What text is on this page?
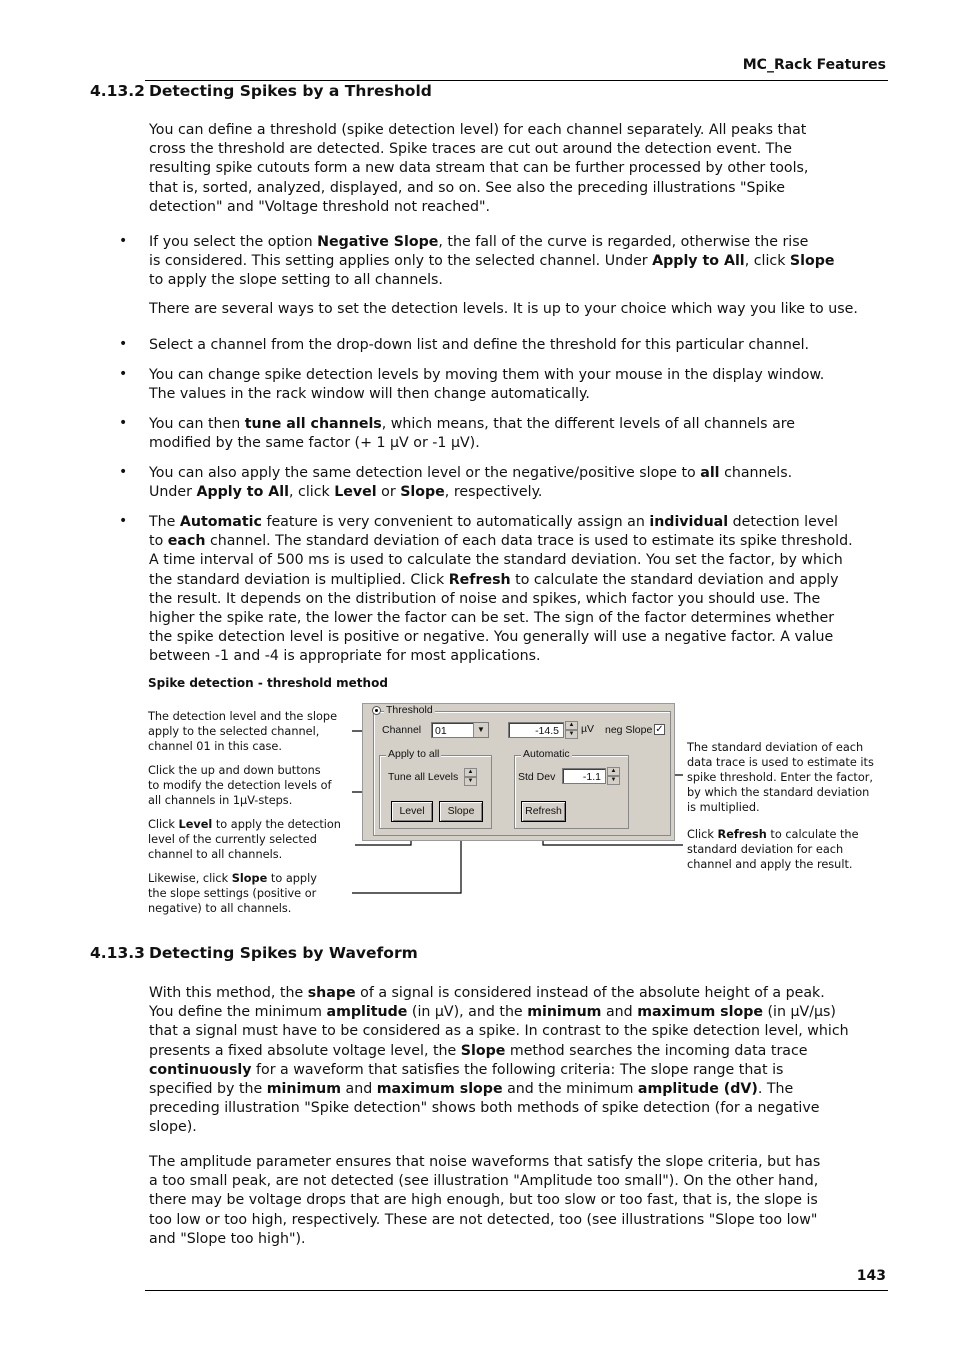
MC_Rack Features
4.13.2 Detecting Spikes by a Threshold
You can define a threshold (spike detection level) for each channel separately. All peaks that
cross the threshold are detected. Spike traces are cut out around the detection event. The
resulting spike cutouts form a new data stream that can be further processed by other tools,
that is, sorted, analyzed, displayed, and so on. See also the preceding illustrations "Spike
detection" and "Voltage threshold not reached".
• If you select the option Negative Slope, the fall of the curve is regarded, otherwise the rise
is considered. This setting applies only to the selected channel. Under Apply to All, click Slope
to apply the slope setting to all channels.
There are several ways to set the detection levels. It is up to your choice which way you like to use.
• Select a channel from the drop-down list and define the threshold for this particular channel.
• You can change spike detection levels by moving them with your mouse in the display window.
The values in the rack window will then change automatically.
• You can then tune all channels, which means, that the different levels of all channels are
modified by the same factor (+ 1 µV or -1 µV).
• You can also apply the same detection level or the negative/positive slope to all channels.
Under Apply to All, click Level or Slope, respectively.
• The Automatic feature is very convenient to automatically assign an individual detection level
to each channel. The standard deviation of each data trace is used to estimate its spike threshold.
A time interval of 500 ms is used to calculate the standard deviation. You set the factor, by which
the standard deviation is multiplied. Click Refresh to calculate the standard deviation and apply
the result. It depends on the distribution of noise and spikes, which factor you should use. The
higher the spike rate, the lower the factor can be set. The sign of the factor determines whether
the spike detection level is positive or negative. You generally will use a negative factor. A value
between -1 and -4 is appropriate for most applications.
Spike detection - threshold method
The detection level and the slope
apply to the selected channel,
channel 01 in this case.
Click the up and down buttons
to modify the detection levels of
all channels in 1µV-steps.
Click Level to apply the detection
level of the currently selected
channel to all channels.
Likewise, click Slope to apply
the slope settings (positive or
negative) to all channels.
The standard deviation of each
data trace is used to estimate its
spike threshold. Enter the factor,
by which the standard deviation
is multiplied.
Click Refresh to calculate the
standard deviation for each
channel and apply the result.
Threshold
Channel	01	▼	-14.5	▲
▼ µV neg Slope ✓
Apply to all
Tune all Levels	▲
▼
Level	Slope
Automatic
Std Dev	-1.1	▲
▼
Refresh
4.13.3 Detecting Spikes by Waveform
With this method, the shape of a signal is considered instead of the absolute height of a peak.
You define the minimum amplitude (in µV), and the minimum and maximum slope (in µV/µs)
that a signal must have to be considered as a spike. In contrast to the spike detection level, which
presents a fixed absolute voltage level, the Slope method searches the incoming data trace
continuously for a waveform that satisfies the following criteria: The slope range that is
specified by the minimum and maximum slope and the minimum amplitude (dV). The
preceding illustration "Spike detection" shows both methods of spike detection (for a negative
slope).
The amplitude parameter ensures that noise waveforms that satisfy the slope criteria, but has
a too small peak, are not detected (see illustration "Amplitude too small"). On the other hand,
there may be voltage drops that are high enough, but too slow or too fast, that is, the slope is
too low or too high, respectively. These are not detected, too (see illustrations "Slope too low"
and "Slope too high").
143
